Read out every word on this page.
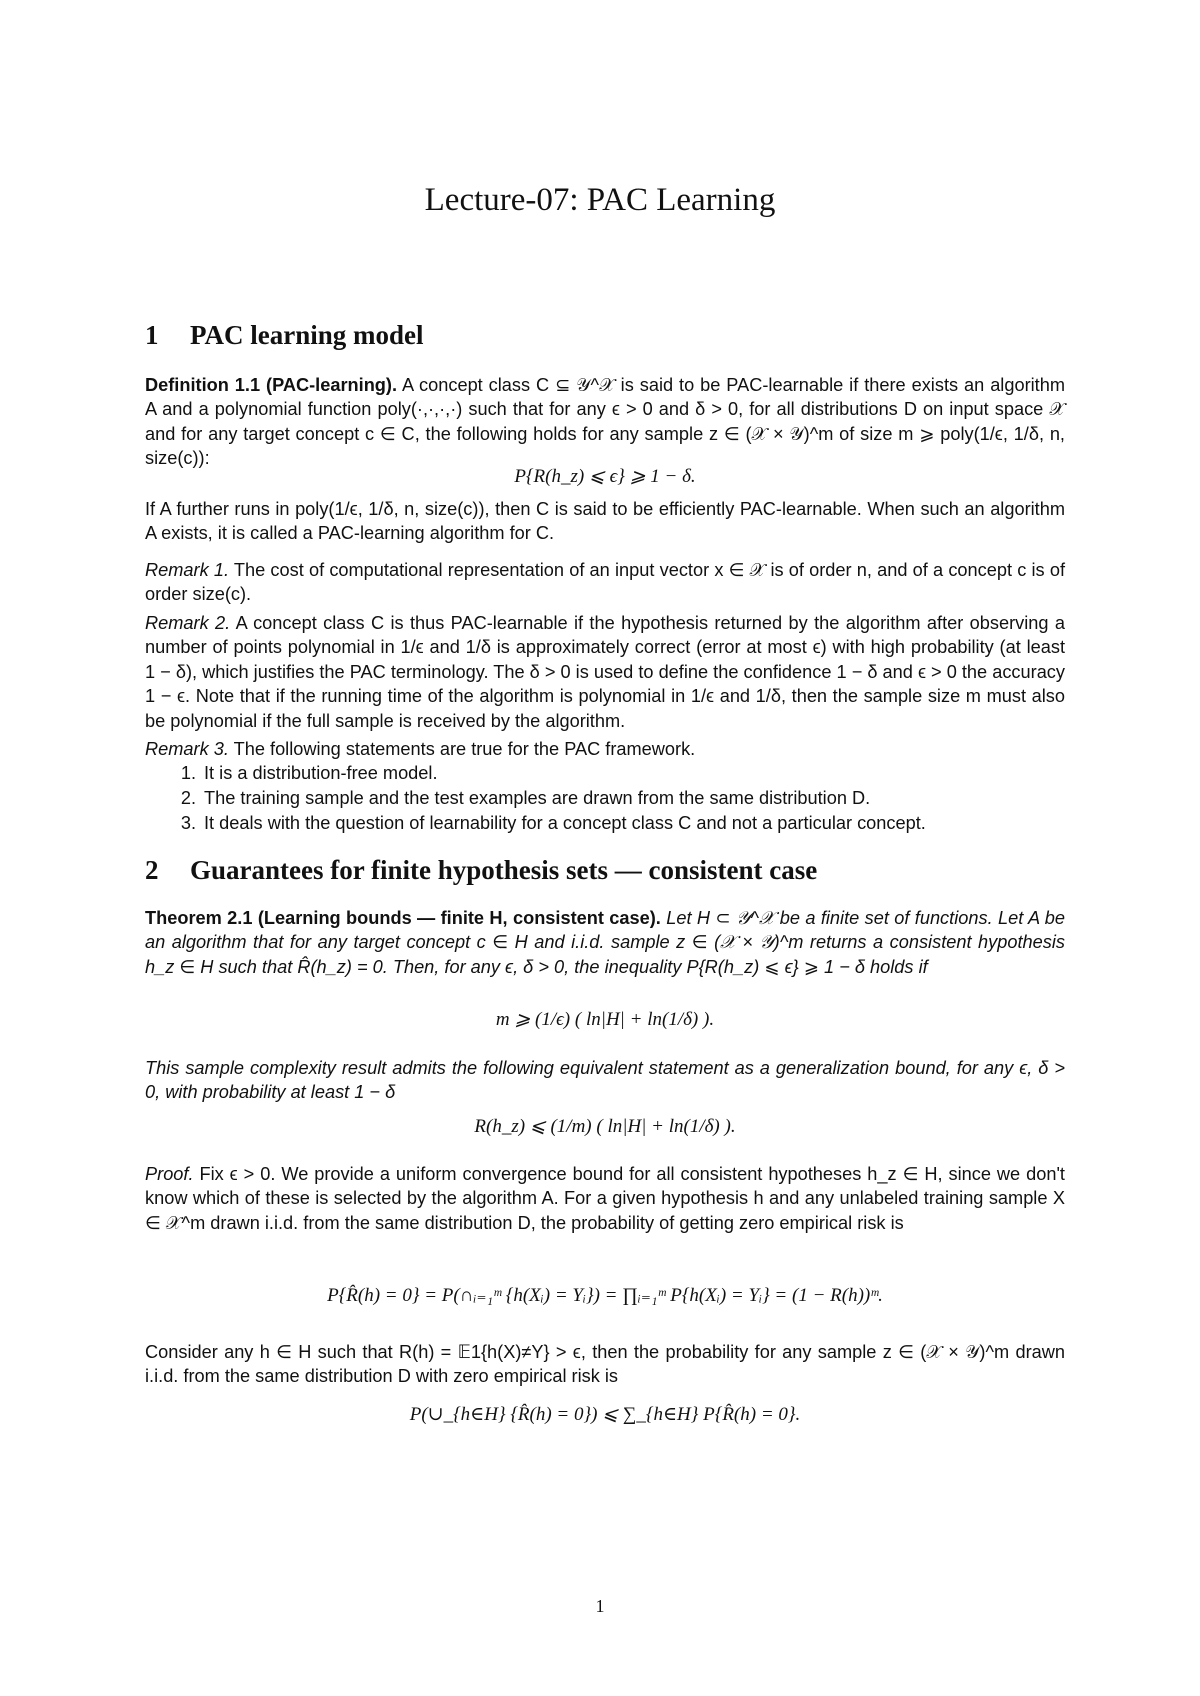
Lecture-07: PAC Learning
1 PAC learning model

Definition 1.1 (PAC-learning). A concept class C ⊆ 𝒴^𝒳 is said to be PAC-learnable if there exists an algorithm A and a polynomial function poly(·,·,·,·) such that for any ϵ > 0 and δ > 0, for all distributions D on input space 𝒳 and for any target concept c ∈ C, the following holds for any sample z ∈ (𝒳 × 𝒴)^m of size m ⩾ poly(1/ϵ, 1/δ, n, size(c)):

P{R(h_z) ⩽ ϵ} ⩾ 1 − δ.

If A further runs in poly(1/ϵ, 1/δ, n, size(c)), then C is said to be efficiently PAC-learnable. When such an algorithm A exists, it is called a PAC-learning algorithm for C.

Remark 1. The cost of computational representation of an input vector x ∈ 𝒳 is of order n, and of a concept c is of order size(c).

Remark 2. A concept class C is thus PAC-learnable if the hypothesis returned by the algorithm after observing a number of points polynomial in 1/ϵ and 1/δ is approximately correct (error at most ϵ) with high probability (at least 1 − δ), which justifies the PAC terminology. The δ > 0 is used to define the confidence 1 − δ and ϵ > 0 the accuracy 1 − ϵ. Note that if the running time of the algorithm is polynomial in 1/ϵ and 1/δ, then the sample size m must also be polynomial if the full sample is received by the algorithm.

Remark 3. The following statements are true for the PAC framework.

1. It is a distribution-free model.
2. The training sample and the test examples are drawn from the same distribution D.
3. It deals with the question of learnability for a concept class C and not a particular concept.
2 Guarantees for finite hypothesis sets — consistent case

Theorem 2.1 (Learning bounds — finite H, consistent case). Let H ⊂ 𝒴^𝒳 be a finite set of functions. Let A be an algorithm that for any target concept c ∈ H and i.i.d. sample z ∈ (𝒳 × 𝒴)^m returns a consistent hypothesis h_z ∈ H such that R̂(h_z) = 0. Then, for any ϵ, δ > 0, the inequality P{R(h_z) ⩽ ϵ} ⩾ 1 − δ holds if

m ⩾ (1/ϵ) ( ln|H| + ln(1/δ) ).

This sample complexity result admits the following equivalent statement as a generalization bound, for any ϵ, δ > 0, with probability at least 1 − δ

R(h_z) ⩽ (1/m) ( ln|H| + ln(1/δ) ).

Proof. Fix ϵ > 0. We provide a uniform convergence bound for all consistent hypotheses h_z ∈ H, since we don't know which of these is selected by the algorithm A. For a given hypothesis h and any unlabeled training sample X ∈ 𝒳^m drawn i.i.d. from the same distribution D, the probability of getting zero empirical risk is

P{R̂(h) = 0} = P(∩ᵢ₌₁ᵐ {h(Xᵢ) = Yᵢ}) = ∏ᵢ₌₁ᵐ P{h(Xᵢ) = Yᵢ} = (1 − R(h))ᵐ.

Consider any h ∈ H such that R(h) = 𝔼1{h(X)≠Y} > ϵ, then the probability for any sample z ∈ (𝒳 × 𝒴)^m drawn i.i.d. from the same distribution D with zero empirical risk is

P(∪_{h∈H} {R̂(h) = 0}) ⩽ ∑_{h∈H} P{R̂(h) = 0}.

1
